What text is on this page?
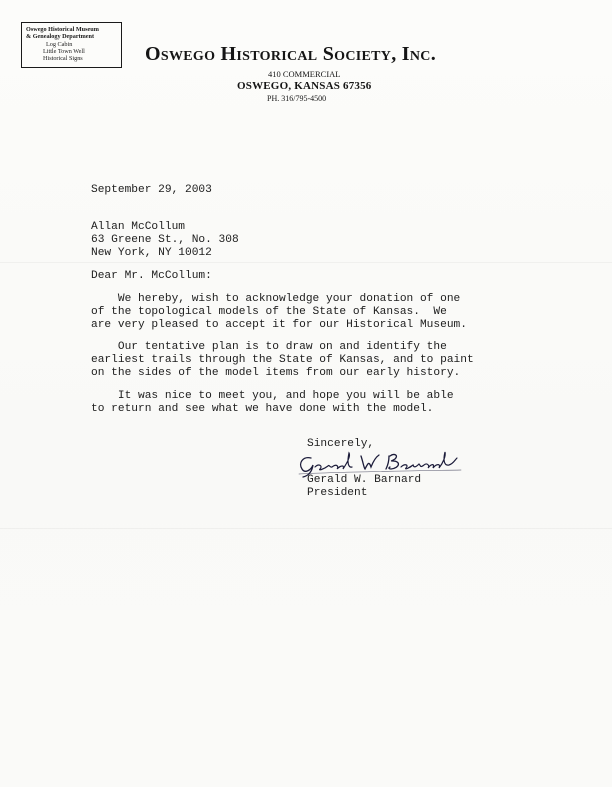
Oswego Historical Museum
& Genealogy Department
Log Cabin
Little Town Well
Historical Signs	Oswego Historical Society, Inc.
410 COMMERCIAL
OSWEGO, KANSAS 67356
PH. 316/795-4500
September 29, 2003
Allan McCollum
63 Greene St., No. 308
New York, NY 10012
Dear Mr. McCollum:
We hereby, wish to acknowledge your donation of one
of the topological models of the State of Kansas.  We
are very pleased to accept it for our Historical Museum.
Our tentative plan is to draw on and identify the
earliest trails through the State of Kansas, and to paint
on the sides of the model items from our early history.
It was nice to meet you, and hope you will be able
to return and see what we have done with the model.
Sincerely,
Gerald W. Barnard
President
